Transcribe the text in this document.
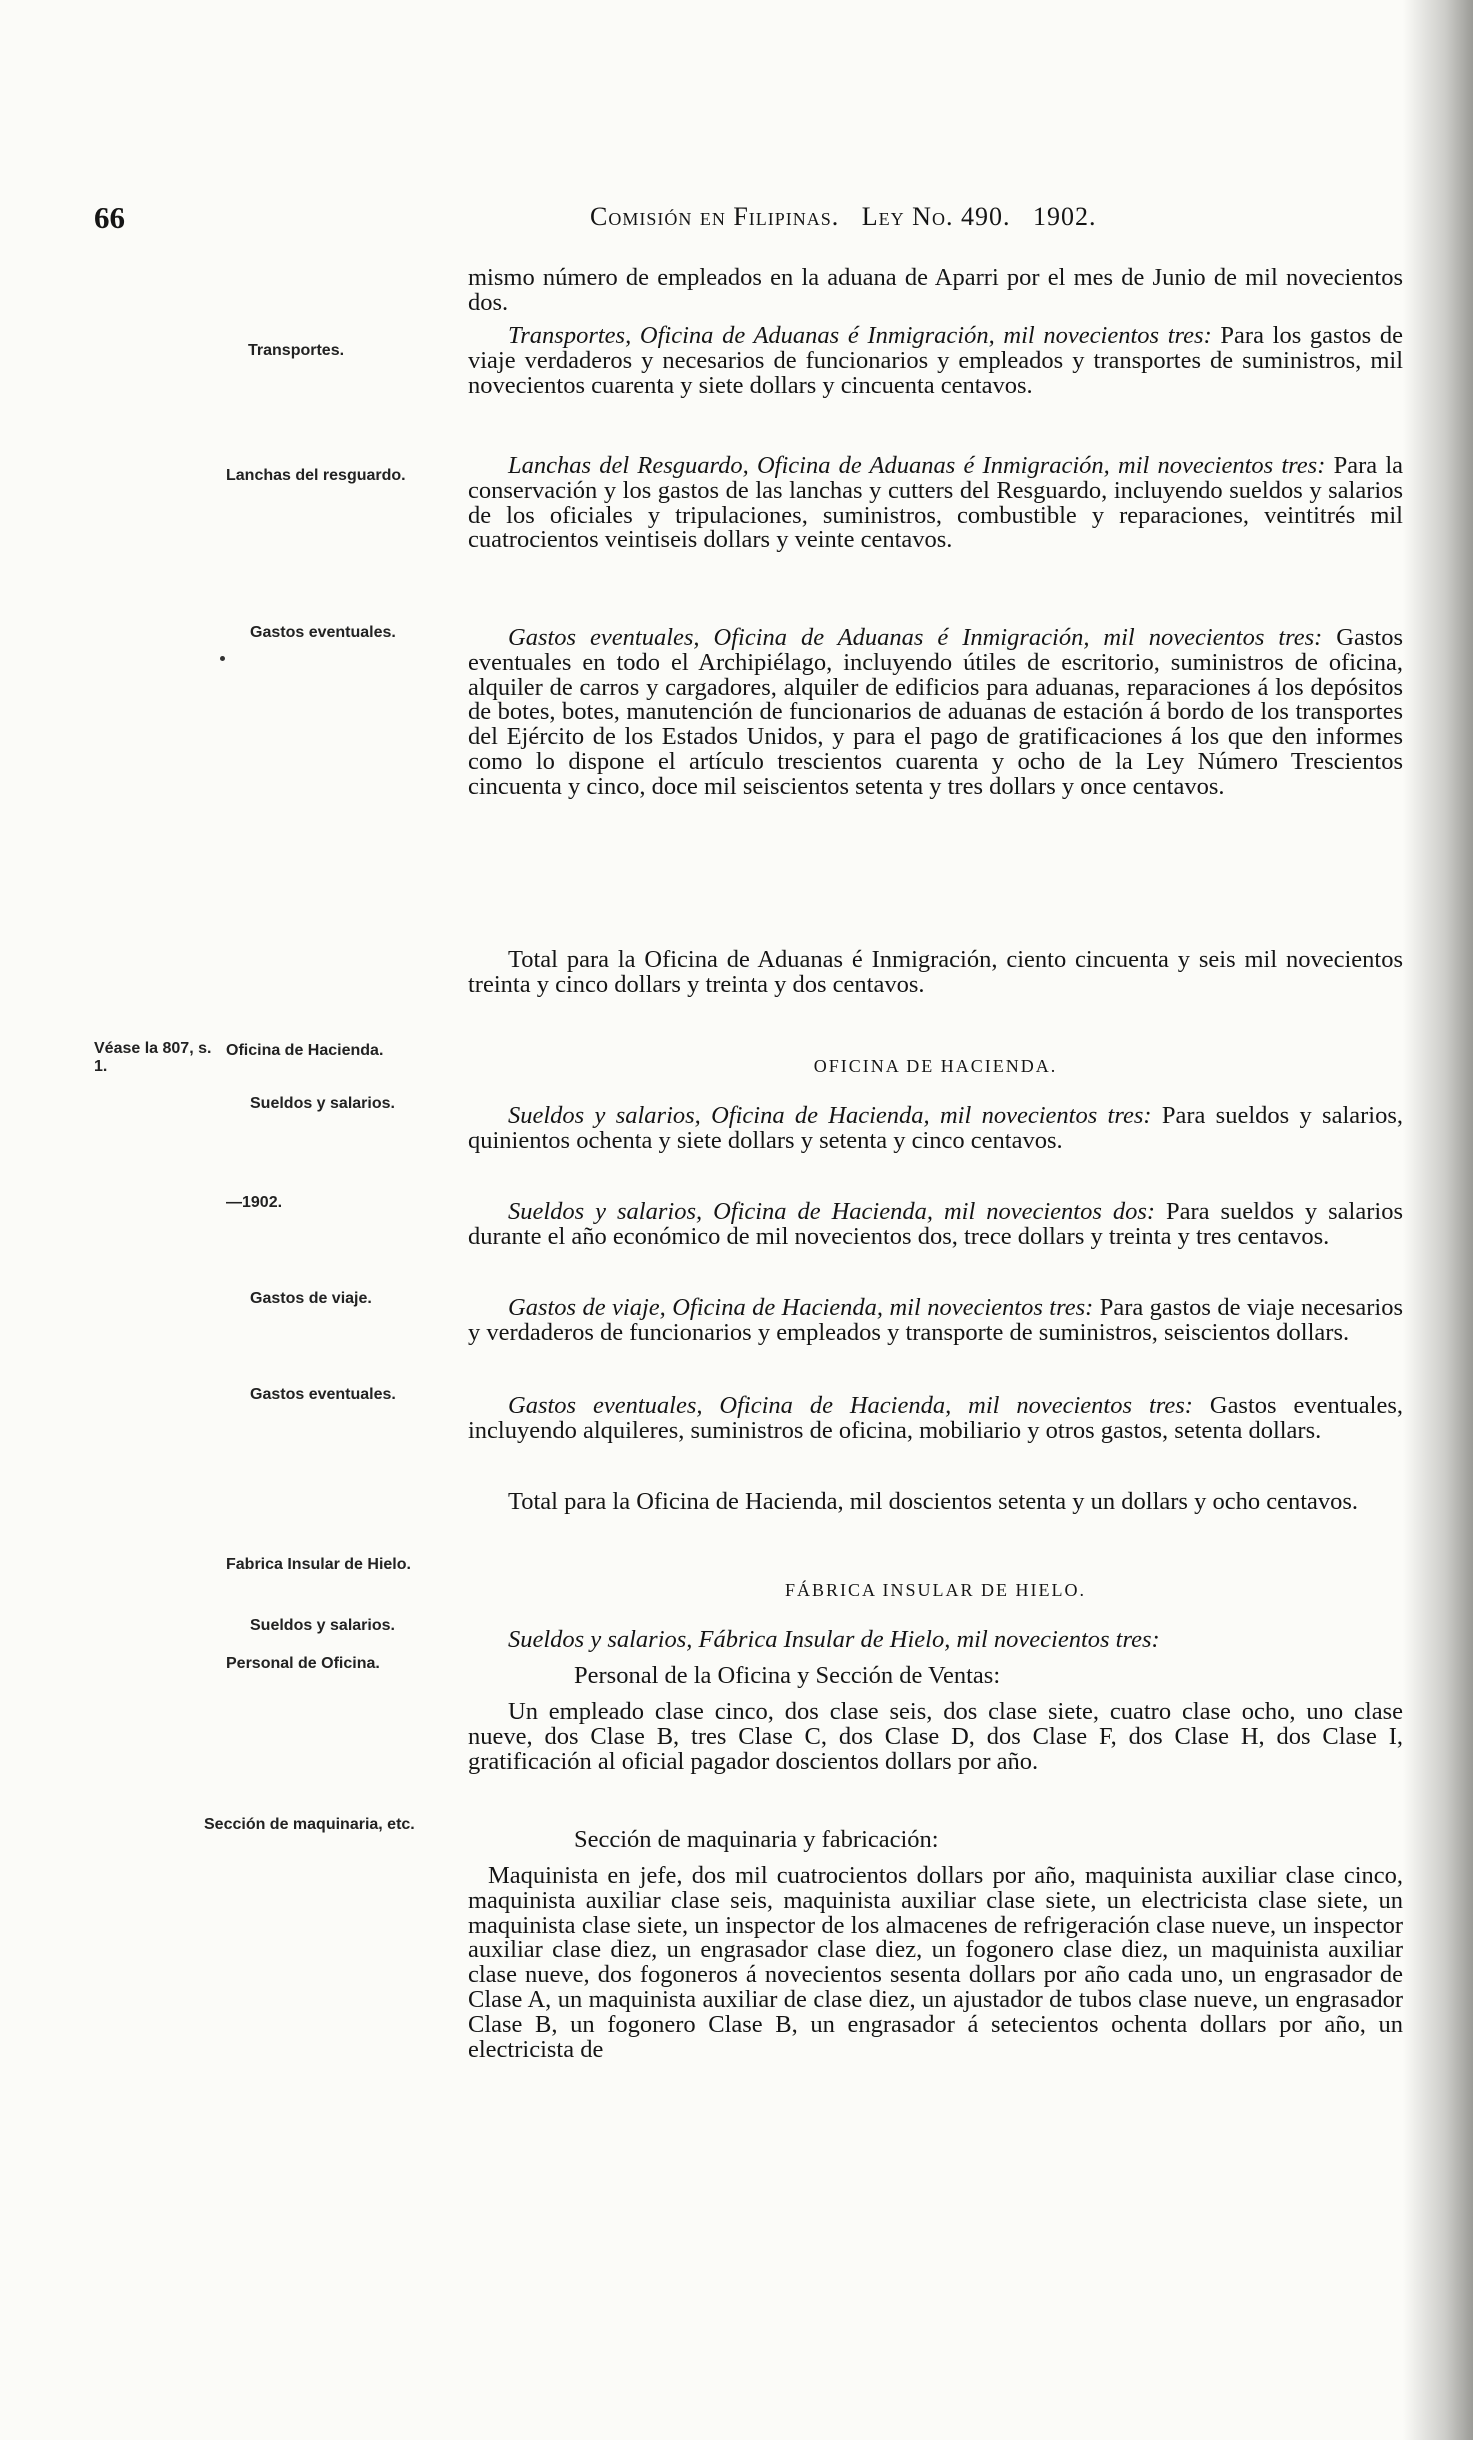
66	Comisión en Filipinas. Ley No. 490. 1902.
Transportes.
Lanchas del resguardo.
Gastos eventuales.
Véase la 807, s. 1.
Oficina de Hacienda.
Sueldos y salarios.
—1902.
Gastos de viaje.
Gastos eventuales.
Fabrica Insular de Hielo.
Sueldos y salarios.
Personal de Oficina.
Sección de maquinaria, etc.
mismo número de empleados en la aduana de Aparri por el mes de Junio de mil novecientos dos.
Transportes, Oficina de Aduanas é Inmigración, mil novecientos tres: Para los gastos de viaje verdaderos y necesarios de funcionarios y empleados y transportes de suministros, mil novecientos cuarenta y siete dollars y cincuenta centavos.
Lanchas del Resguardo, Oficina de Aduanas é Inmigración, mil novecientos tres: Para la conservación y los gastos de las lanchas y cutters del Resguardo, incluyendo sueldos y salarios de los oficiales y tripulaciones, suministros, combustible y reparaciones, veintitrés mil cuatrocientos veintiseis dollars y veinte centavos.
Gastos eventuales, Oficina de Aduanas é Inmigración, mil novecientos tres: Gastos eventuales en todo el Archipiélago, incluyendo útiles de escritorio, suministros de oficina, alquiler de carros y cargadores, alquiler de edificios para aduanas, reparaciones á los depósitos de botes, botes, manutención de funcionarios de aduanas de estación á bordo de los transportes del Ejército de los Estados Unidos, y para el pago de gratificaciones á los que den informes como lo dispone el artículo trescientos cuarenta y ocho de la Ley Número Trescientos cincuenta y cinco, doce mil seiscientos setenta y tres dollars y once centavos.
Total para la Oficina de Aduanas é Inmigración, ciento cincuenta y seis mil novecientos treinta y cinco dollars y treinta y dos centavos.
OFICINA DE HACIENDA.
Sueldos y salarios, Oficina de Hacienda, mil novecientos tres: Para sueldos y salarios, quinientos ochenta y siete dollars y setenta y cinco centavos.
Sueldos y salarios, Oficina de Hacienda, mil novecientos dos: Para sueldos y salarios durante el año económico de mil novecientos dos, trece dollars y treinta y tres centavos.
Gastos de viaje, Oficina de Hacienda, mil novecientos tres: Para gastos de viaje necesarios y verdaderos de funcionarios y empleados y transporte de suministros, seiscientos dollars.
Gastos eventuales, Oficina de Hacienda, mil novecientos tres: Gastos eventuales, incluyendo alquileres, suministros de oficina, mobiliario y otros gastos, setenta dollars.
Total para la Oficina de Hacienda, mil doscientos setenta y un dollars y ocho centavos.
FÁBRICA INSULAR DE HIELO.
Sueldos y salarios, Fábrica Insular de Hielo, mil novecientos tres:
Personal de la Oficina y Sección de Ventas:
Un empleado clase cinco, dos clase seis, dos clase siete, cuatro clase ocho, uno clase nueve, dos Clase B, tres Clase C, dos Clase D, dos Clase F, dos Clase H, dos Clase I, gratificación al oficial pagador doscientos dollars por año.
Sección de maquinaria y fabricación:
Maquinista en jefe, dos mil cuatrocientos dollars por año, maquinista auxiliar clase cinco, maquinista auxiliar clase seis, maquinista auxiliar clase siete, un electricista clase siete, un maquinista clase siete, un inspector de los almacenes de refrigeración clase nueve, un inspector auxiliar clase diez, un engrasador clase diez, un fogonero clase diez, un maquinista auxiliar clase nueve, dos fogoneros á novecientos sesenta dollars por año cada uno, un engrasador de Clase A, un maquinista auxiliar de clase diez, un ajustador de tubos clase nueve, un engrasador Clase B, un fogonero Clase B, un engrasador á setecientos ochenta dollars por año, un electricista de
